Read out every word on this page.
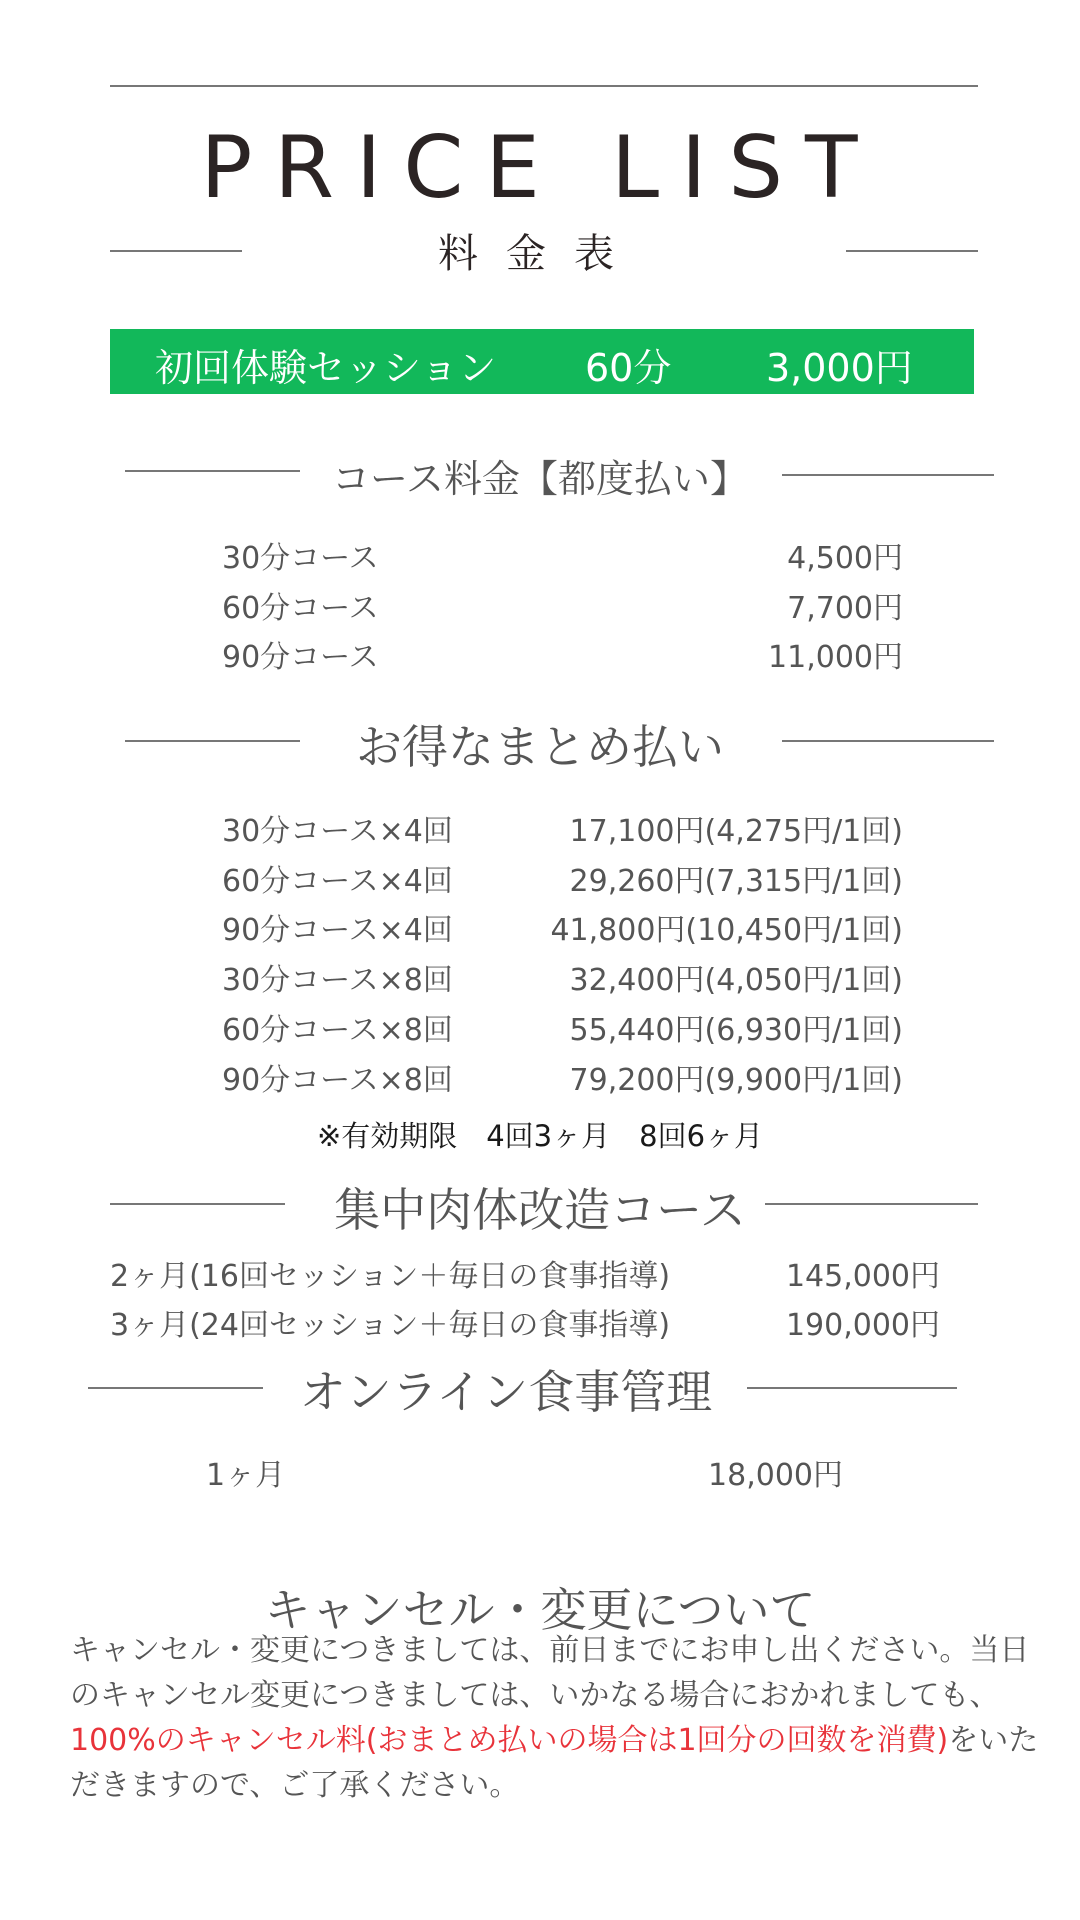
PRICE LIST
料金表
初回体験セッション 60分 3,000円
コース料金【都度払い】
30分コース	4,500円
60分コース	7,700円
90分コース	11,000円
お得なまとめ払い
30分コース×4回	17,100円(4,275円/1回)
60分コース×4回	29,260円(7,315円/1回)
90分コース×4回	41,800円(10,450円/1回)
30分コース×8回	32,400円(4,050円/1回)
60分コース×8回	55,440円(6,930円/1回)
90分コース×8回	79,200円(9,900円/1回)
※有効期限　4回3ヶ月　8回6ヶ月
集中肉体改造コース
2ヶ月(16回セッション＋毎日の食事指導)	145,000円
3ヶ月(24回セッション＋毎日の食事指導)	190,000円
オンライン食事管理
1ヶ月	18,000円
キャンセル・変更について
キャンセル・変更につきましては、前日までにお申し出ください。当日のキャンセル変更につきましては、いかなる場合におかれましても、100%のキャンセル料(おまとめ払いの場合は1回分の回数を消費)をいただきますので、ご了承ください。
